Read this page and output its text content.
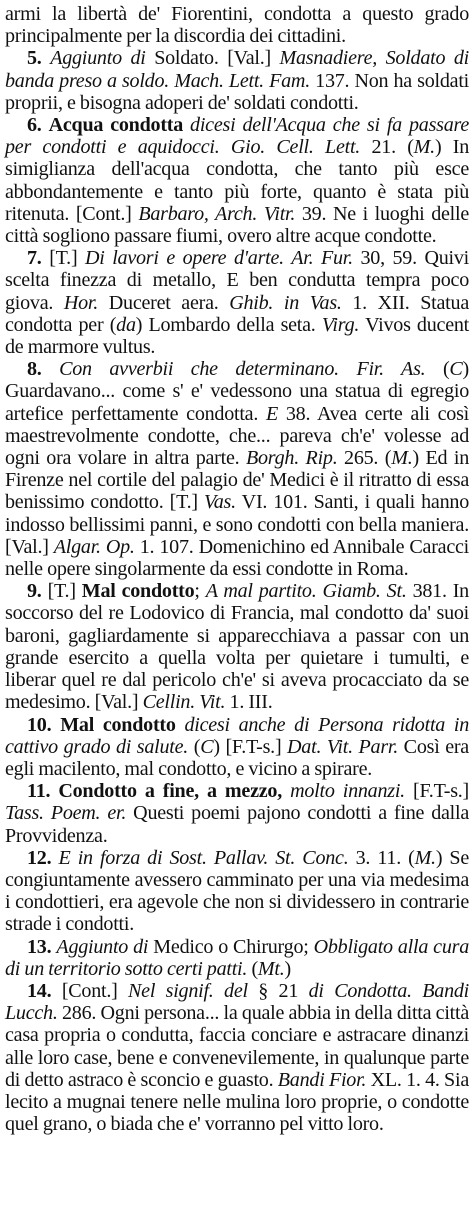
armi la libertà de' Fiorentini, condotta a questo grado principalmente per la discordia dei cittadini.

5. Aggiunto di Soldato. [Val.] Masnadiere, Soldato di banda preso a soldo. Mach. Lett. Fam. 137. Non ha soldati proprii, e bisogna adoperi de' soldati condotti.

6. Acqua condotta dicesi dell'Acqua che si fa passare per condotti e aquidocci. Gio. Cell. Lett. 21. (M.) In simiglianza dell'acqua condotta, che tanto più esce abbondantemente e tanto più forte, quanto è stata più ritenuta. [Cont.] Barbaro, Arch. Vitr. 39. Ne i luoghi delle città sogliono passare fiumi, overo altre acque condotte.

7. [T.] Di lavori e opere d'arte. Ar. Fur. 30, 59. Quivi scelta finezza di metallo, E ben condutta tempra poco giova. Hor. Duceret aera. Ghib. in Vas. 1. XII. Statua condotta per (da) Lombardo della seta. Virg. Vivos ducent de marmore vultus.

8. Con avverbii che determinano. Fir. As. (C) Guardavano... come s' e' vedessono una statua di egregio artefice perfettamente condotta. E 38. Avea certe ali così maestrevolmente condotte, che... pareva ch'e' volesse ad ogni ora volare in altra parte. Borgh. Rip. 265. (M.) Ed in Firenze nel cortile del palagio de' Medici è il ritratto di essa benissimo condotto. [T.] Vas. VI. 101. Santi, i quali hanno indosso bellissimi panni, e sono condotti con bella maniera. [Val.] Algar. Op. 1. 107. Domenichino ed Annibale Caracci nelle opere singolarmente da essi condotte in Roma.

9. [T.] Mal condotto; A mal partito. Giamb. St. 381. In soccorso del re Lodovico di Francia, mal condotto da' suoi baroni, gagliardamente si apparecchiava a passar con un grande esercito a quella volta per quietare i tumulti, e liberar quel re dal pericolo ch'e' si aveva procacciato da se medesimo. [Val.] Cellin. Vit. 1. III.

10. Mal condotto dicesi anche di Persona ridotta in cattivo grado di salute. (C) [F.T-s.] Dat. Vit. Parr. Così era egli macilento, mal condotto, e vicino a spirare.

11. Condotto a fine, a mezzo, molto innanzi. [F.T-s.] Tass. Poem. er. Questi poemi pajono condotti a fine dalla Provvidenza.

12. E in forza di Sost. Pallav. St. Conc. 3. 11. (M.) Se congiuntamente avessero camminato per una via medesima i condottieri, era agevole che non si dividessero in contrarie strade i condotti.

13. Aggiunto di Medico o Chirurgo; Obbligato alla cura di un territorio sotto certi patti. (Mt.)

14. [Cont.] Nel signif. del § 21 di Condotta. Bandi Lucch. 286. Ogni persona... la quale abbia in della ditta città casa propria o condutta, faccia conciare e astracare dinanzi alle loro case, bene e convenevilemente, in qualunque parte di detto astraco è sconcio e guasto. Bandi Fior. XL. 1. 4. Sia lecito a mugnai tenere nelle mulina loro proprie, o condotte quel grano, o biada che e' vorranno pel vitto loro.
